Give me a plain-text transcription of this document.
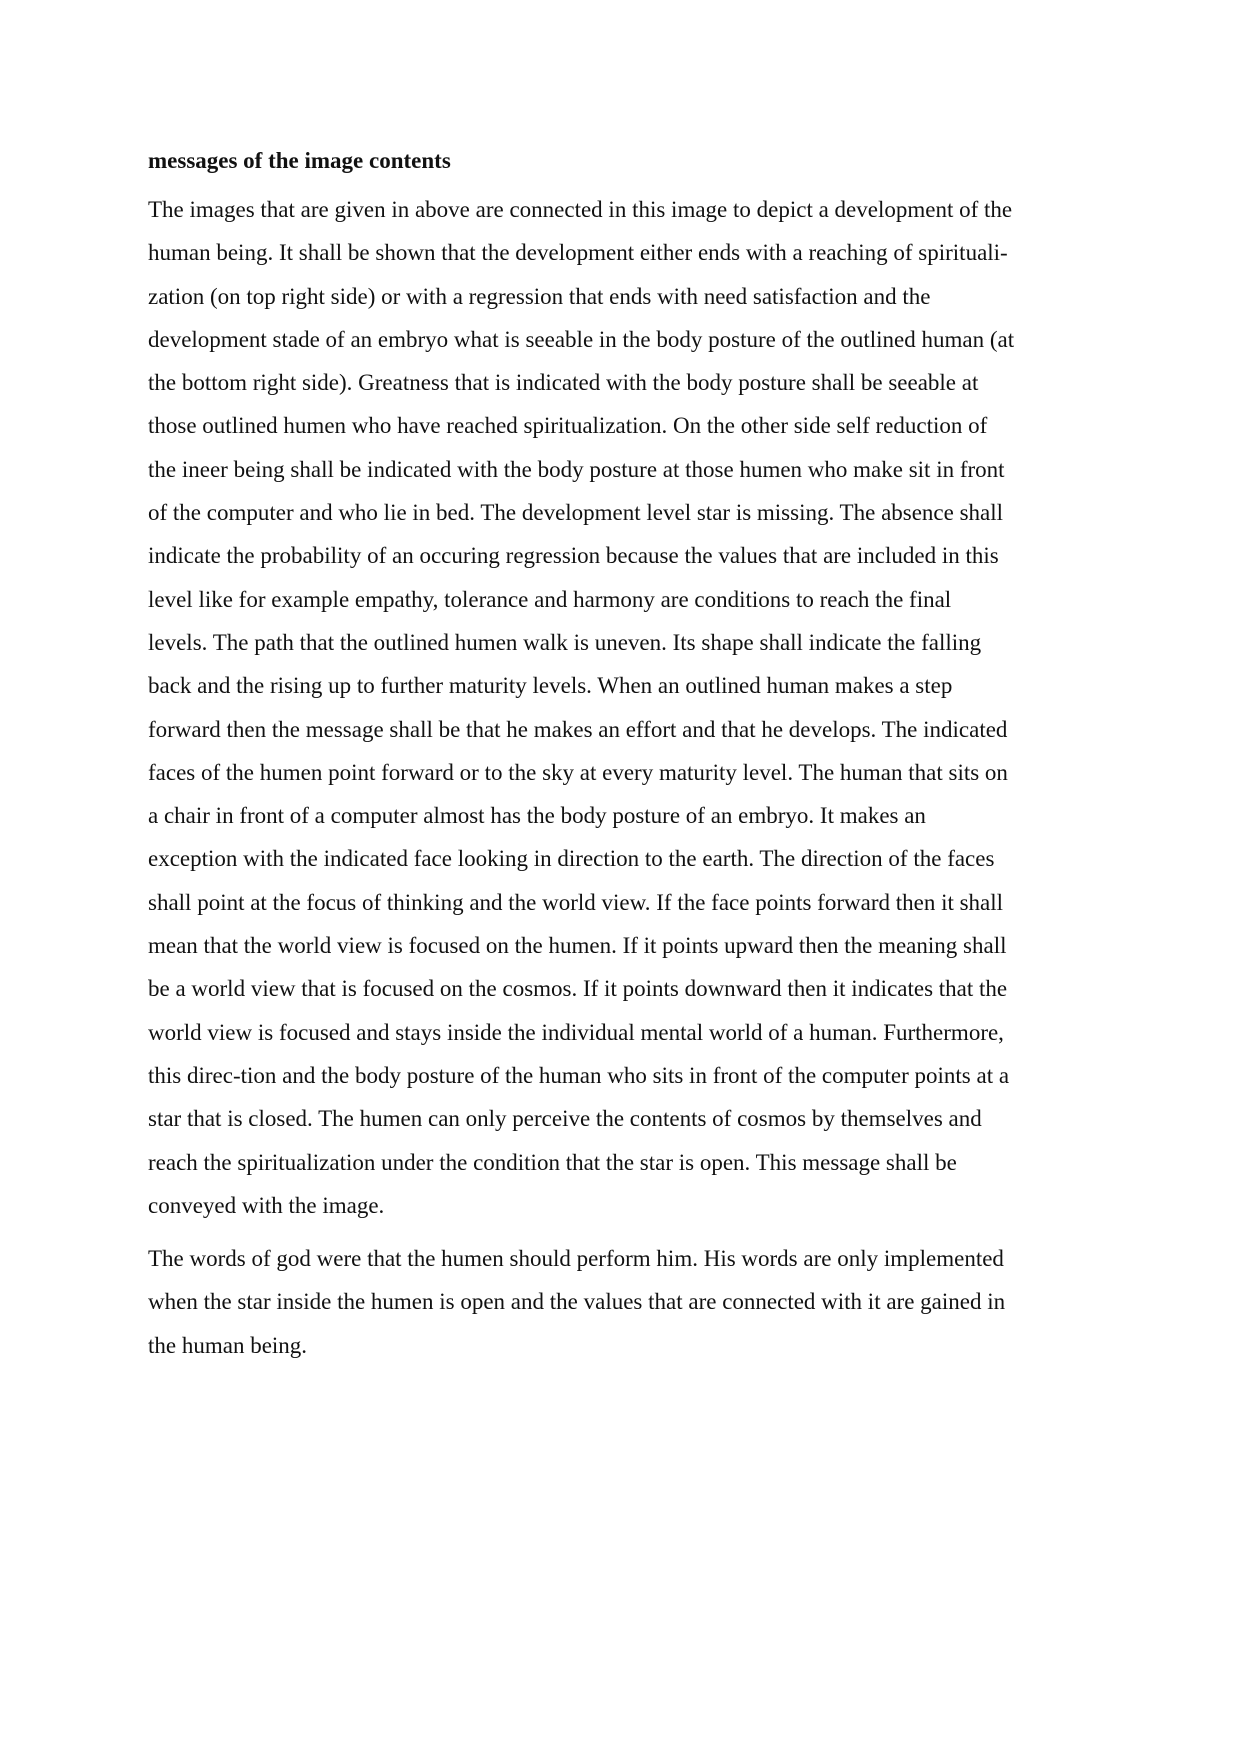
messages of the image contents

The images that are given in above are connected in this image to depict a development of the
human being. It shall be shown that the development either ends with a reaching of spirituali-
zation (on top right side) or with a regression that ends with need satisfaction and the
development stade of an embryo what is seeable in the body posture of the outlined human (at
the bottom right side). Greatness that is indicated with the body posture shall be seeable at
those outlined humen who have reached spiritualization. On the other side self reduction of
the ineer being shall be indicated with the body posture at those humen who make sit in front
of the computer and who lie in bed. The development level star is missing. The absence shall
indicate the probability of an occuring regression because the values that are included in this
level like for example empathy, tolerance and harmony are conditions to reach the final
levels. The path that the outlined humen walk is uneven. Its shape shall indicate the falling
back and the rising up to further maturity levels. When an outlined human makes a step
forward then the message shall be that he makes an effort and that he develops. The indicated
faces of the humen point forward or to the sky at every maturity level. The human that sits on
a chair in front of a computer almost has the body posture of an embryo. It makes an
exception with the indicated face looking in direction to the earth. The direction of the faces
shall point at the focus of thinking and the world view. If the face points forward then it shall
mean that the world view is focused on the humen. If it points upward then the meaning shall
be a world view that is focused on the cosmos. If it points downward then it indicates that the
world view is focused and stays inside the individual mental world of a human. Furthermore,
this direc-tion and the body posture of the human who sits in front of the computer points at a
star that is closed. The humen can only perceive the contents of cosmos by themselves and
reach the spiritualization under the condition that the star is open. This message shall be
conveyed with the image.

The words of god were that the humen should perform him. His words are only implemented
when the star inside the humen is open and the values that are connected with it are gained in
the human being.
